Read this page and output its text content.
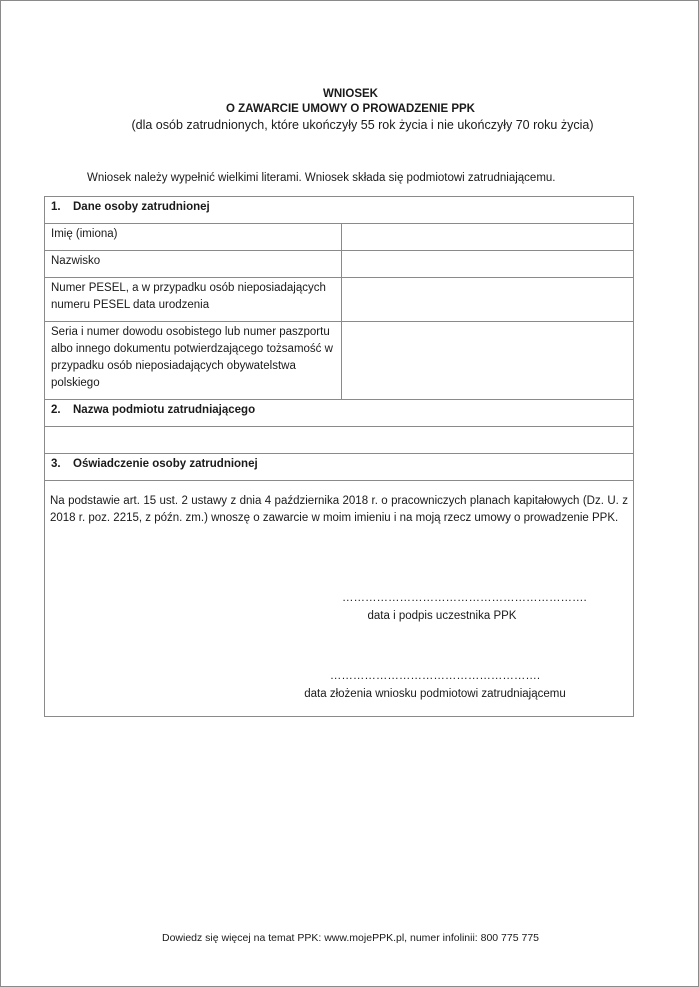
WNIOSEK
O ZAWARCIE UMOWY O PROWADZENIE PPK
(dla osób zatrudnionych, które ukończyły 55 rok życia i nie ukończyły 70 roku życia)
Wniosek należy wypełnić wielkimi literami. Wniosek składa się podmiotowi zatrudniającemu.
1. Dane osoby zatrudnionej
Imię (imiona)
Nazwisko
Numer PESEL, a w przypadku osób nieposiadających numeru PESEL data urodzenia
Seria i numer dowodu osobistego lub numer paszportu albo innego dokumentu potwierdzającego tożsamość w przypadku osób nieposiadających obywatelstwa polskiego
2. Nazwa podmiotu zatrudniającego
3. Oświadczenie osoby zatrudnionej
Na podstawie art. 15 ust. 2 ustawy z dnia 4 października 2018 r. o pracowniczych planach kapitałowych (Dz. U. z 2018 r. poz. 2215, z późn. zm.) wnoszę o zawarcie w moim imieniu i na moją rzecz umowy o prowadzenie PPK.
……………………………………………………….
data i podpis uczestnika PPK
……………………………………………….
data złożenia wniosku podmiotowi zatrudniającemu
Dowiedz się więcej na temat PPK: www.mojePPK.pl, numer infolinii: 800 775 775
